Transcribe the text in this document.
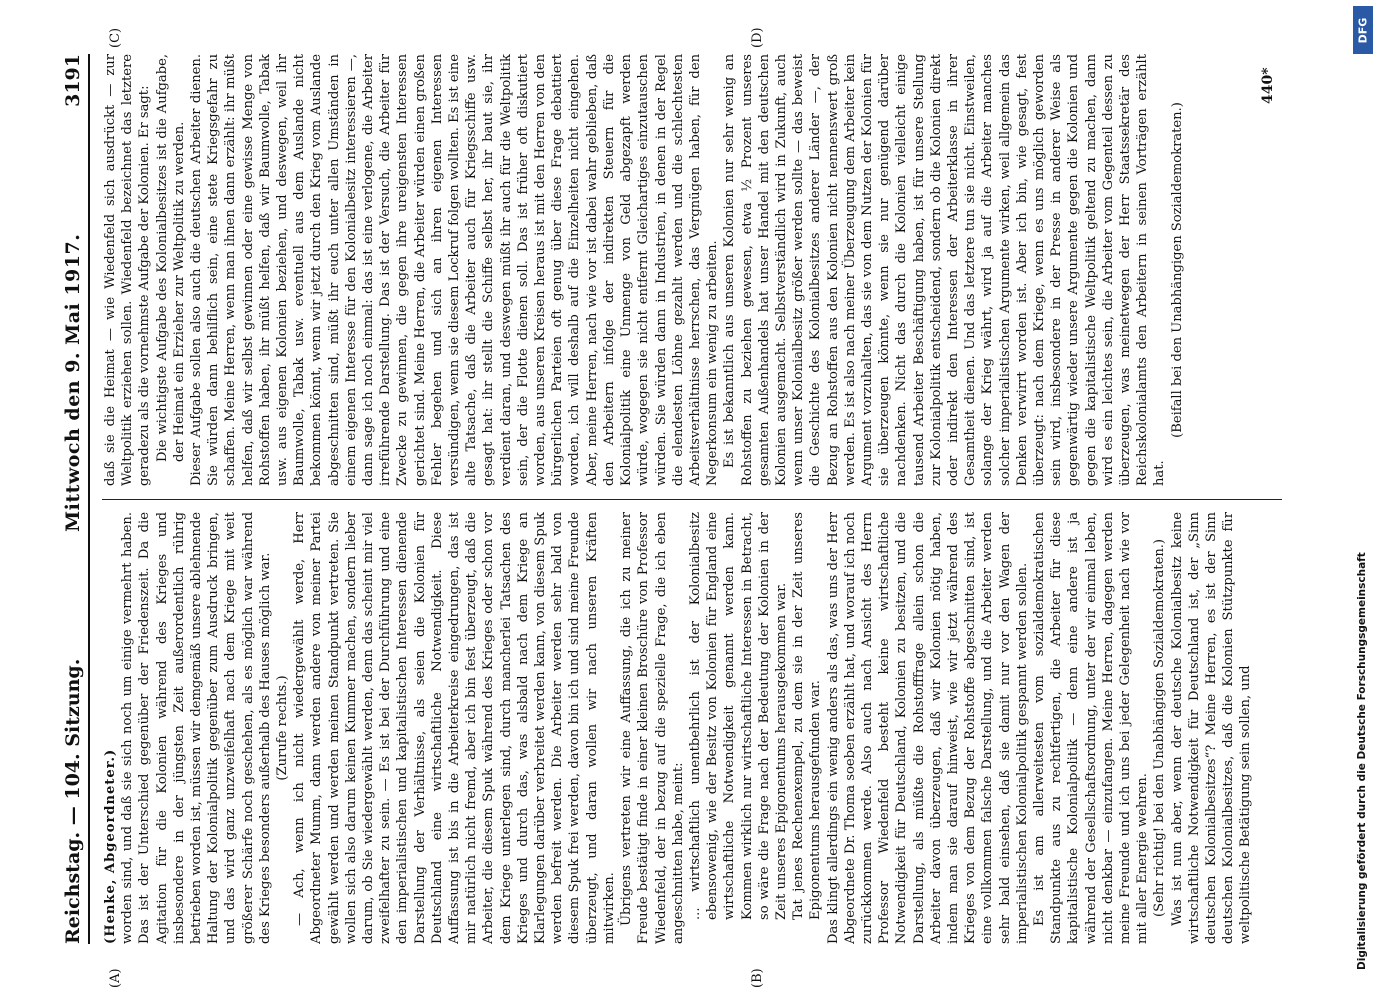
Reichstag. — 104. Sitzung.
Mittwoch den 9. Mai 1917.
3191
(A)	(B)
(C)	(D)

(Henke, Abgeordneter.) worden sind, und daß sie sich noch um einige vermehrt haben. Das ist der Unterschied gegenüber der Friedenszeit. Da die Agitation für die Kolonien während des Krieges und insbesondere in der jüngsten Zeit außerordentlich rührig betrieben worden ist, müssen wir demgemäß unsere ablehnende Haltung der Kolonialpolitik gegenüber zum Ausdruck bringen, und das wird ganz unzweifelhaft nach dem Kriege mit weit größerer Schärfe noch geschehen, als es möglich war während des Krieges besonders außerhalb des Hauses möglich war. (Zurufe rechts.) — Ach, wenn ich nicht wiedergewählt werde, Herr Abgeordneter Mumm, dann werden andere von meiner Partei gewählt werden und werden meinen Standpunkt vertreten. Sie wollen sich also darum keinen Kummer machen, sondern lieber darum, ob Sie wiedergewählt werden, denn das scheint mir viel zweifelhafter zu sein. — Es ist bei der Durchführung und eine den imperialistischen und kapitalistischen Interessen dienende Darstellung der Verhältnisse, als seien die Kolonien für Deutschland eine wirtschaftliche Notwendigkeit. Diese Auffassung ist bis in die Arbeiterkreise eingedrungen, das ist mir natürlich nicht fremd, aber ich bin fest überzeugt, daß die Arbeiter, die diesem Spuk während des Krieges oder schon vor dem Kriege unterlegen sind, durch mancherlei Tatsachen des Krieges und durch das, was alsbald nach dem Kriege an Klarlegungen darüber verbreitet werden kann, von diesem Spuk werden befreit werden. Die Arbeiter werden sehr bald von diesem Spuk frei werden, davon bin ich und sind meine Freunde überzeugt, und daran wollen wir nach unseren Kräften mitwirken. Übrigens vertreten wir eine Auffassung, die ich zu meiner Freude bestätigt finde in einer kleinen Broschüre von Professor Wiedenfeld, der in bezug auf die spezielle Frage, die ich eben angeschnitten habe, meint: ... wirtschaftlich unentbehrlich ist der Kolonialbesitz ebensowenig, wie der Besitz von Kolonien für England eine wirtschaftliche Notwendigkeit genannt werden kann. Kommen wirklich nur wirtschaftliche Interessen in Betracht, so wäre die Frage nach der Bedeutung der Kolonien in der Zeit unseres Epigonentums herausgekommen war. Tat jenes Rechenexempel, zu dem sie in der Zeit unseres Epigonentums herausgefunden war. Das klingt allerdings ein wenig anders als das, was uns der Herr Abgeordnete Dr. Thoma soeben erzählt hat, und worauf ich noch zurückkommen werde. Also auch nach Ansicht des Herrn Professor Wiedenfeld besteht keine wirtschaftliche Notwendigkeit für Deutschland, Kolonien zu besitzen, und die Darstellung, als müßte die Rohstofffrage allein schon die Arbeiter davon überzeugen, daß wir Kolonien nötig haben, indem man sie darauf hinweist, wie wir jetzt während des Krieges von dem Bezug der Rohstoffe abgeschnitten sind, ist eine vollkommen falsche Darstellung, und die Arbeiter werden sehr bald einsehen, daß sie damit nur vor den Wagen der imperialistischen Kolonialpolitik gespannt werden sollen. Es ist am allerweitesten vom sozialdemokratischen Standpunkte aus zu rechtfertigen, die Arbeiter für diese kapitalistische Kolonialpolitik — denn eine andere ist ja während der Gesellschaftsordnung, unter der wir einmal leben, nicht denkbar — einzufangen. Meine Herren, dagegen werden meine Freunde und ich uns bei jeder Gelegenheit nach wie vor mit aller Energie wehren. (Sehr richtig! bei den Unabhängigen Sozialdemokraten.) Was ist nun aber, wenn der deutsche Kolonialbesitz keine wirtschaftliche Notwendigkeit für Deutschland ist, der „Sinn deutschen Kolonialbesitzes“? Meine Herren, es ist der Sinn deutschen Kolonialbesitzes, daß die Kolonien Stützpunkte für weltpolitische Betätigung sein sollen, und

daß sie die Heimat — wie Wiedenfeld sich ausdrückt — zur Weltpolitik erziehen sollen. Wiedenfeld bezeichnet das letztere geradezu als die vornehmste Aufgabe der Kolonien. Er sagt: Die wichtigste Aufgabe des Kolonialbesitzes ist die Aufgabe, der Heimat ein Erzieher zur Weltpolitik zu werden. Dieser Aufgabe sollen also auch die deutschen Arbeiter dienen. Sie würden dann behilflich sein, eine stete Kriegsgefahr zu schaffen. Meine Herren, wenn man ihnen dann erzählt: ihr müßt helfen, daß wir selbst gewinnen oder eine gewisse Menge von Rohstoffen haben, ihr müßt helfen, daß wir Baumwolle, Tabak usw. aus eigenen Kolonien beziehen, und deswegen, weil ihr Baumwolle, Tabak usw. eventuell aus dem Auslande nicht bekommen könnt, wenn wir jetzt durch den Krieg vom Auslande abgeschnitten sind, müßt ihr euch unter allen Umständen in einem eigenen Interesse für den Kolonialbesitz interessieren —, dann sage ich noch einmal: das ist eine verlogene, die Arbeiter irreführende Darstellung. Das ist der Versuch, die Arbeiter für Zwecke zu gewinnen, die gegen ihre ureigensten Interessen gerichtet sind. Meine Herren, die Arbeiter würden einen großen Fehler begehen und sich an ihren eigenen Interessen versündigen, wenn sie diesem Lockruf folgen wollten. Es ist eine alte Tatsache, daß die Arbeiter auch für Kriegsschiffe usw. gesagt hat: ihr stellt die Schiffe selbst her, ihr baut sie, ihr verdient daran, und deswegen müßt ihr auch für die Weltpolitik sein, der die Flotte dienen soll. Das ist früher oft diskutiert worden, aus unseren Kreisen heraus ist mit den Herren von den bürgerlichen Parteien oft genug über diese Frage debattiert worden, ich will deshalb auf die Einzelheiten nicht eingehen. Aber, meine Herren, nach wie vor ist dabei wahr geblieben, daß den Arbeitern infolge der indirekten Steuern für die Kolonialpolitik eine Unmenge von Geld abgezapft werden würde, wogegen sie nicht entfernt Gleichartiges einzutauschen würden. Sie würden dann in Industrien, in denen in der Regel die elendesten Löhne gezahlt werden und die schlechtesten Arbeitsverhältnisse herrschen, das Vergnügen haben, für den Negerkonsum ein wenig zu arbeiten. Es ist bekanntlich aus unseren Kolonien nur sehr wenig an Rohstoffen zu beziehen gewesen, etwa ½ Prozent unseres gesamten Außenhandels hat unser Handel mit den deutschen Kolonien ausgemacht. Selbstverständlich wird in Zukunft, auch wenn unser Kolonialbesitz größer werden sollte — das beweist die Geschichte des Kolonialbesitzes anderer Länder —, der Bezug an Rohstoffen aus den Kolonien nicht nennenswert groß werden. Es ist also nach meiner Überzeugung dem Arbeiter kein Argument vorzuhalten, das sie von dem Nutzen der Kolonien für sie überzeugen könnte, wenn sie nur genügend darüber nachdenken. Nicht das durch die Kolonien vielleicht einige tausend Arbeiter Beschäftigung haben, ist für unsere Stellung zur Kolonialpolitik entscheidend, sondern ob die Kolonien direkt oder indirekt den Interessen der Arbeiterklasse in ihrer Gesamtheit dienen. Und das letztere tun sie nicht. Einstweilen, solange der Krieg währt, wird ja auf die Arbeiter manches solcher imperialistischen Argumente wirken, weil allgemein das Denken verwirrt worden ist. Aber ich bin, wie gesagt, fest überzeugt: nach dem Kriege, wenn es uns möglich geworden sein wird, insbesondere in der Presse in anderer Weise als gegenwärtig wieder unsere Argumente gegen die Kolonien und gegen die kapitalistische Weltpolitik geltend zu machen, dann wird es ein leichtes sein, die Arbeiter vom Gegenteil dessen zu überzeugen, was meinetwegen der Herr Staatssekretär des Reichskolonialamts den Arbeitern in seinen Vorträgen erzählt hat.

(Beifall bei den Unabhängigen Sozialdemokraten.)

440*
DFG
Digitalisierung gefördert durch die Deutsche Forschungsgemeinschaft
